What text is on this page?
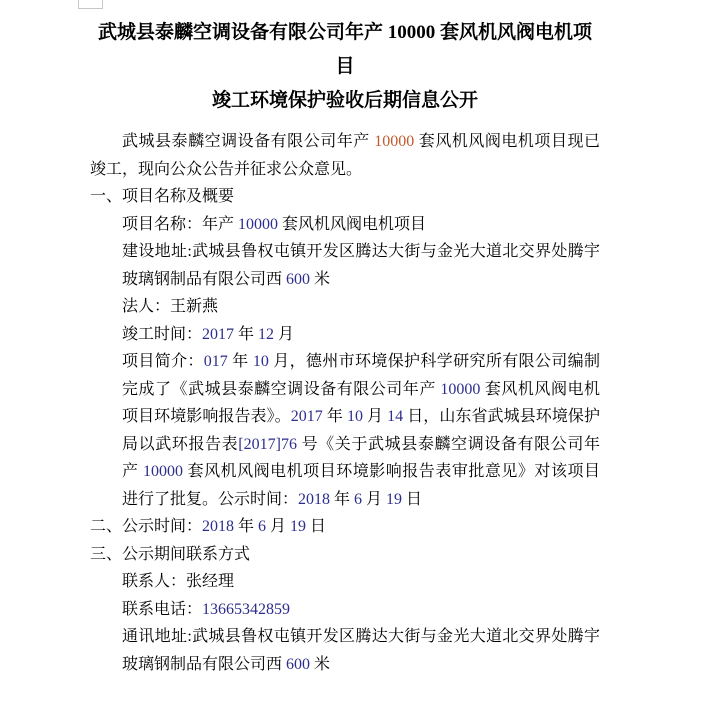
武城县泰麟空调设备有限公司年产 10000 套风机风阀电机项目
竣工环境保护验收后期信息公开

武城县泰麟空调设备有限公司年产 10000 套风机风阀电机项目现已竣工，现向公众公告并征求公众意见。

一、项目名称及概要

项目名称：年产 10000 套风机风阀电机项目

建设地址:武城县鲁权屯镇开发区腾达大街与金光大道北交界处腾宇玻璃钢制品有限公司西 600 米

法人：王新燕

竣工时间：2017 年 12 月

项目简介：017 年 10 月，德州市环境保护科学研究所有限公司编制完成了《武城县泰麟空调设备有限公司年产 10000 套风机风阀电机项目环境影响报告表》。2017 年 10 月 14 日，山东省武城县环境保护局以武环报告表[2017]76 号《关于武城县泰麟空调设备有限公司年产 10000 套风机风阀电机项目环境影响报告表审批意见》对该项目进行了批复。公示时间：2018 年 6 月 19 日

二、公示时间：2018 年 6 月 19 日

三、公示期间联系方式

联系人：张经理

联系电话：13665342859

通讯地址:武城县鲁权屯镇开发区腾达大街与金光大道北交界处腾宇玻璃钢制品有限公司西 600 米
